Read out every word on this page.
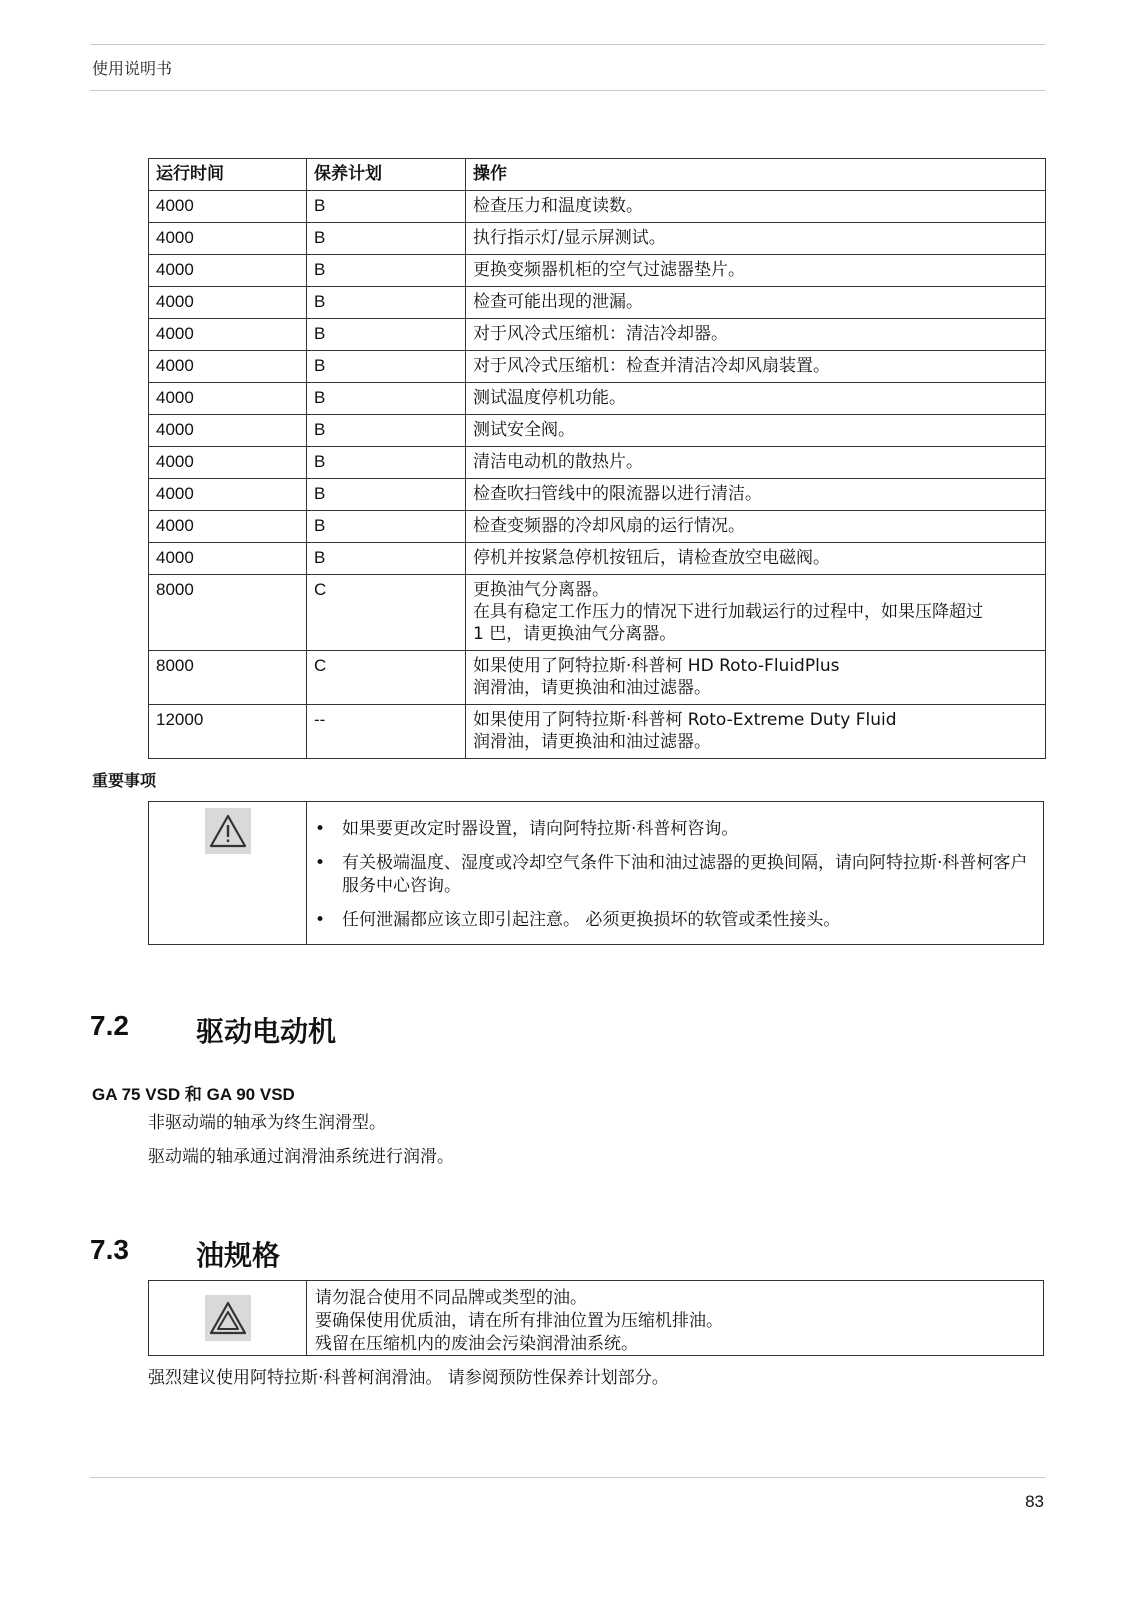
使用说明书
运行时间	保养计划	操作
4000	B	检查压力和温度读数。
4000	B	执行指示灯/显示屏测试。
4000	B	更换变频器机柜的空气过滤器垫片。
4000	B	检查可能出现的泄漏。
4000	B	对于风冷式压缩机：清洁冷却器。
4000	B	对于风冷式压缩机：检查并清洁冷却风扇装置。
4000	B	测试温度停机功能。
4000	B	测试安全阀。
4000	B	清洁电动机的散热片。
4000	B	检查吹扫管线中的限流器以进行清洁。
4000	B	检查变频器的冷却风扇的运行情况。
4000	B	停机并按紧急停机按钮后，请检查放空电磁阀。
8000	C	更换油气分离器。
在具有稳定工作压力的情况下进行加载运行的过程中，如果压降超过
1 巴，请更换油气分离器。
8000	C	如果使用了阿特拉斯·科普柯 HD Roto-FluidPlus
润滑油，请更换油和油过滤器。
12000	--	如果使用了阿特拉斯·科普柯 Roto-Extreme Duty Fluid
润滑油，请更换油和油过滤器。
重要事项
• 如果要更改定时器设置，请向阿特拉斯·科普柯咨询。
• 有关极端温度、湿度或冷却空气条件下油和油过滤器的更换间隔，请向阿特拉斯·科普柯客户服务中心咨询。
• 任何泄漏都应该立即引起注意。 必须更换损坏的软管或柔性接头。
7.2 驱动电动机
GA 75 VSD 和 GA 90 VSD
非驱动端的轴承为终生润滑型。
驱动端的轴承通过润滑油系统进行润滑。
7.3 油规格
请勿混合使用不同品牌或类型的油。
要确保使用优质油，请在所有排油位置为压缩机排油。
残留在压缩机内的废油会污染润滑油系统。
强烈建议使用阿特拉斯·科普柯润滑油。 请参阅预防性保养计划部分。
83
